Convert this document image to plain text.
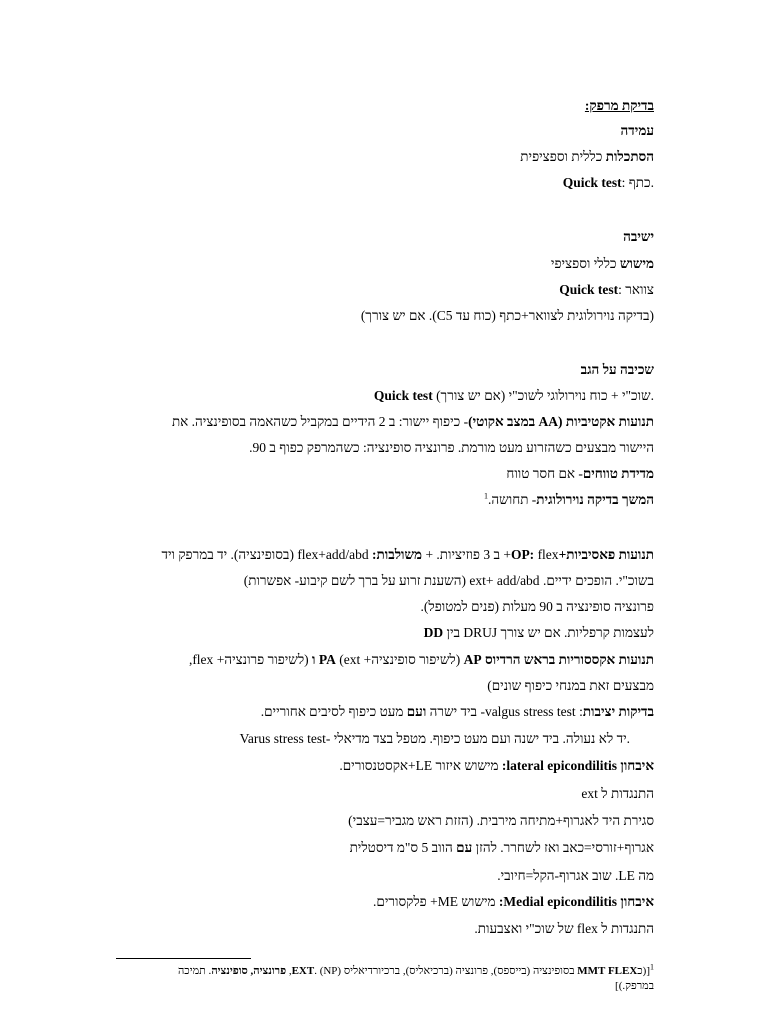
בדיקת מרפק:
עמידה
הסתכלות כללית וספציפית
Quick test: כתף.
ישיבה
מישוש כללי וספציפי
Quick test: צוואר
(בדיקה נוירולוגית לצוואר+כתף (כוח עד C5). אם יש צורך)
שכיבה על הגב
Quick test שוכ"י + כוח נוירולוגי לשוכ"י (אם יש צורך).
תנועות אקטיביות (AA במצב אקוטי)- כיפוף יישור: ב 2 הידיים במקביל כשהאמה בסופינציה. את
היישור מבצעים כשהזרוע מעט מורמת. פרונציה סופינציה: כשהמרפק כפוף ב 90.
מדידת טווחים- אם חסר טווח
המשך בדיקה נוירולוגית- תחושה.$^1$
תנועות פאסיביות+OP: flex+ ב 3 פוזיציות. + משולבות: flex+add/abd (בסופינציה). יד במרפק ויד
בשוכ"י. הופכים ידיים. ext+ add/abd (השענת זרוע על ברך לשם קיבוע- אפשרות)
פרונציה סופינציה ב 90 מעלות (פנים למטופל).
DD בין DRUJ לעצמות קרפליות. אם יש צורך
תנועות אקססוריות בראש הרדיוס AP (לשיפור סופינציה+ ext) PA ו (לשיפור פרונציה+ flex,
מבצעים זאת במנחי כיפוף שונים)
בדיקות יציבות: valgus stress test- ביד ישרה ועם מעט כיפוף לסיבים אחוריים.
Varus stress test- יד לא נעולה. ביד ישנה ועם מעט כיפוף. מטפל בצד מדיאלי.
איבחון lateral epicondilitis: מישוש איזור LE+אקסטנסורים.
התנגדות ל ext
סגירת היד לאגרוף+מתיחה מירבית. (הזזת ראש מגביר=עצבי)
אגרוף+זורסי=כאב ואז לשחרר. להזן עם הווב 5 ס"מ דיסטלית
מה LE. שוב אגרוף-הקל=חיובי.
איבחון Medial epicondilitis: מישוש ME+ פלקסורים.
התנגדות ל flex של שוכ"י ואצבעות.
$^1$[(כMMT FLEX בסופינציה (בייספס), פרונציה (ברכיאליס), ברכיורדיאליס (EXT. (NP, פרונציה, סופינציה. תמיכה
במרפק.)]
